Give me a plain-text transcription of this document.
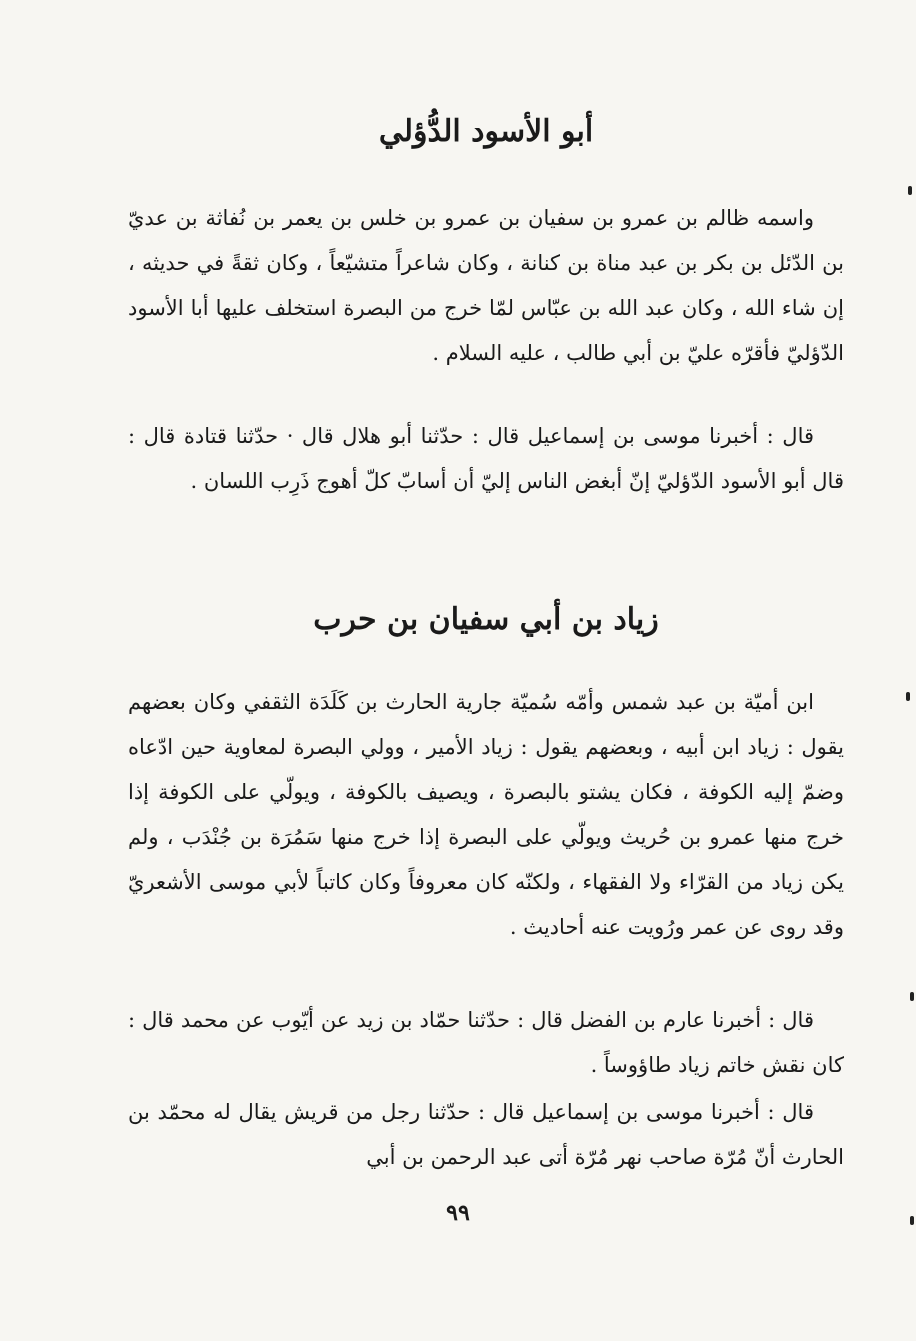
أبو الأسود الدُّؤلي

واسمه ظالم بن عمرو بن سفيان بن عمرو بن خلس بن يعمر بن نُفاثة بن عديّ بن الدّئل بن بكر بن عبد مناة بن كنانة ، وكان شاعراً متشيّعاً ، وكان ثقةً في حديثه ، إن شاء الله ، وكان عبد الله بن عبّاس لمّا خرج من البصرة استخلف عليها أبا الأسود الدّؤليّ فأقرّه عليّ بن أبي طالب ، عليه السلام .

قال : أخبرنا موسى بن إسماعيل قال : حدّثنا أبو هلال قال · حدّثنا قتادة قال : قال أبو الأسود الدّؤليّ إنّ أبغض الناس إليّ أن أسابّ كلّ أهوج ذَرِب اللسان .

زياد بن أبي سفيان بن حرب

ابن أميّة بن عبد شمس وأمّه سُميّة جارية الحارث بن كَلَدَة الثقفي وكان بعضهم يقول : زياد ابن أبيه ، وبعضهم يقول : زياد الأمير ، وولي البصرة لمعاوية حين ادّعاه وضمّ إليه الكوفة ، فكان يشتو بالبصرة ، ويصيف بالكوفة ، ويولّي على الكوفة إذا خرج منها عمرو بن حُريث ويولّي على البصرة إذا خرج منها سَمُرَة بن جُنْدَب ، ولم يكن زياد من القرّاء ولا الفقهاء ، ولكنّه كان معروفاً وكان كاتباً لأبي موسى الأشعريّ وقد روى عن عمر ورُويت عنه أحاديث .

قال : أخبرنا عارم بن الفضل قال : حدّثنا حمّاد بن زيد عن أيّوب عن محمد قال : كان نقش خاتم زياد طاؤوساً .

قال : أخبرنا موسى بن إسماعيل قال : حدّثنا رجل من قريش يقال له محمّد بن الحارث أنّ مُرّة صاحب نهر مُرّة أتى عبد الرحمن بن أبي

٩٩
